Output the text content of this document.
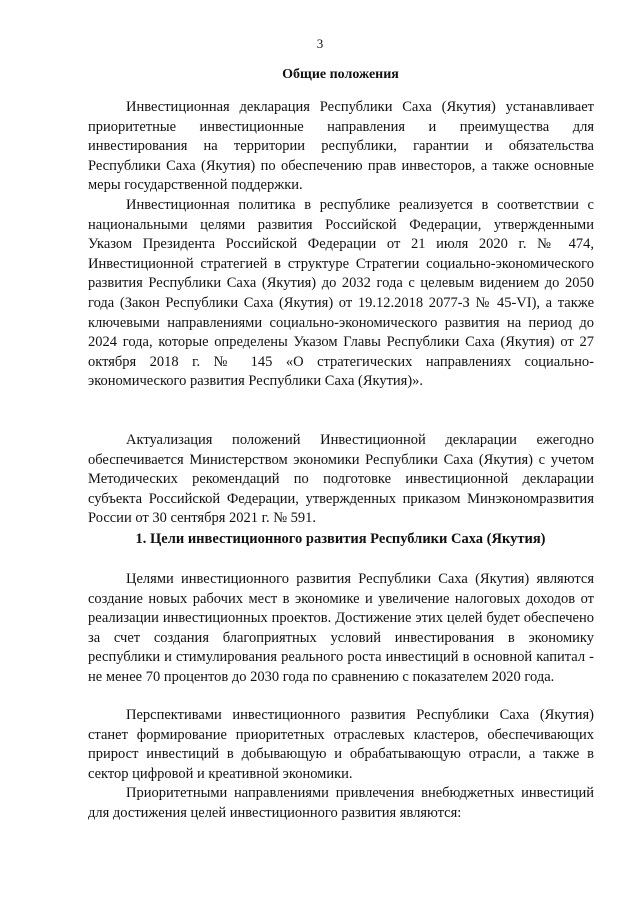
3
Общие положения

Инвестиционная декларация Республики Саха (Якутия) устанавливает приоритетные инвестиционные направления и преимущества для инвестирования на территории республики, гарантии и обязательства Республики Саха (Якутия) по обеспечению прав инвесторов, а также основные меры государственной поддержки.

Инвестиционная политика в республике реализуется в соответствии с национальными целями развития Российской Федерации, утвержденными Указом Президента Российской Федерации от 21 июля 2020 г. № 474, Инвестиционной стратегией в структуре Стратегии социально-экономического развития Республики Саха (Якутия) до 2032 года с целевым видением до 2050 года (Закон Республики Саха (Якутия) от 19.12.2018 2077-З № 45-VI), а также ключевыми направлениями социально-экономического развития на период до 2024 года, которые определены Указом Главы Республики Саха (Якутия) от 27 октября 2018 г. № 145 «О стратегических направлениях социально-экономического развития Республики Саха (Якутия)».

Актуализация положений Инвестиционной декларации ежегодно обеспечивается Министерством экономики Республики Саха (Якутия) с учетом Методических рекомендаций по подготовке инвестиционной декларации субъекта Российской Федерации, утвержденных приказом Минэкономразвития России от 30 сентября 2021 г. № 591.

1. Цели инвестиционного развития Республики Саха (Якутия)

Целями инвестиционного развития Республики Саха (Якутия) являются создание новых рабочих мест в экономике и увеличение налоговых доходов от реализации инвестиционных проектов. Достижение этих целей будет обеспечено за счет создания благоприятных условий инвестирования в экономику республики и стимулирования реального роста инвестиций в основной капитал - не менее 70 процентов до 2030 года по сравнению с показателем 2020 года.

Перспективами инвестиционного развития Республики Саха (Якутия) станет формирование приоритетных отраслевых кластеров, обеспечивающих прирост инвестиций в добывающую и обрабатывающую отрасли, а также в сектор цифровой и креативной экономики.

Приоритетными направлениями привлечения внебюджетных инвестиций для достижения целей инвестиционного развития являются:
